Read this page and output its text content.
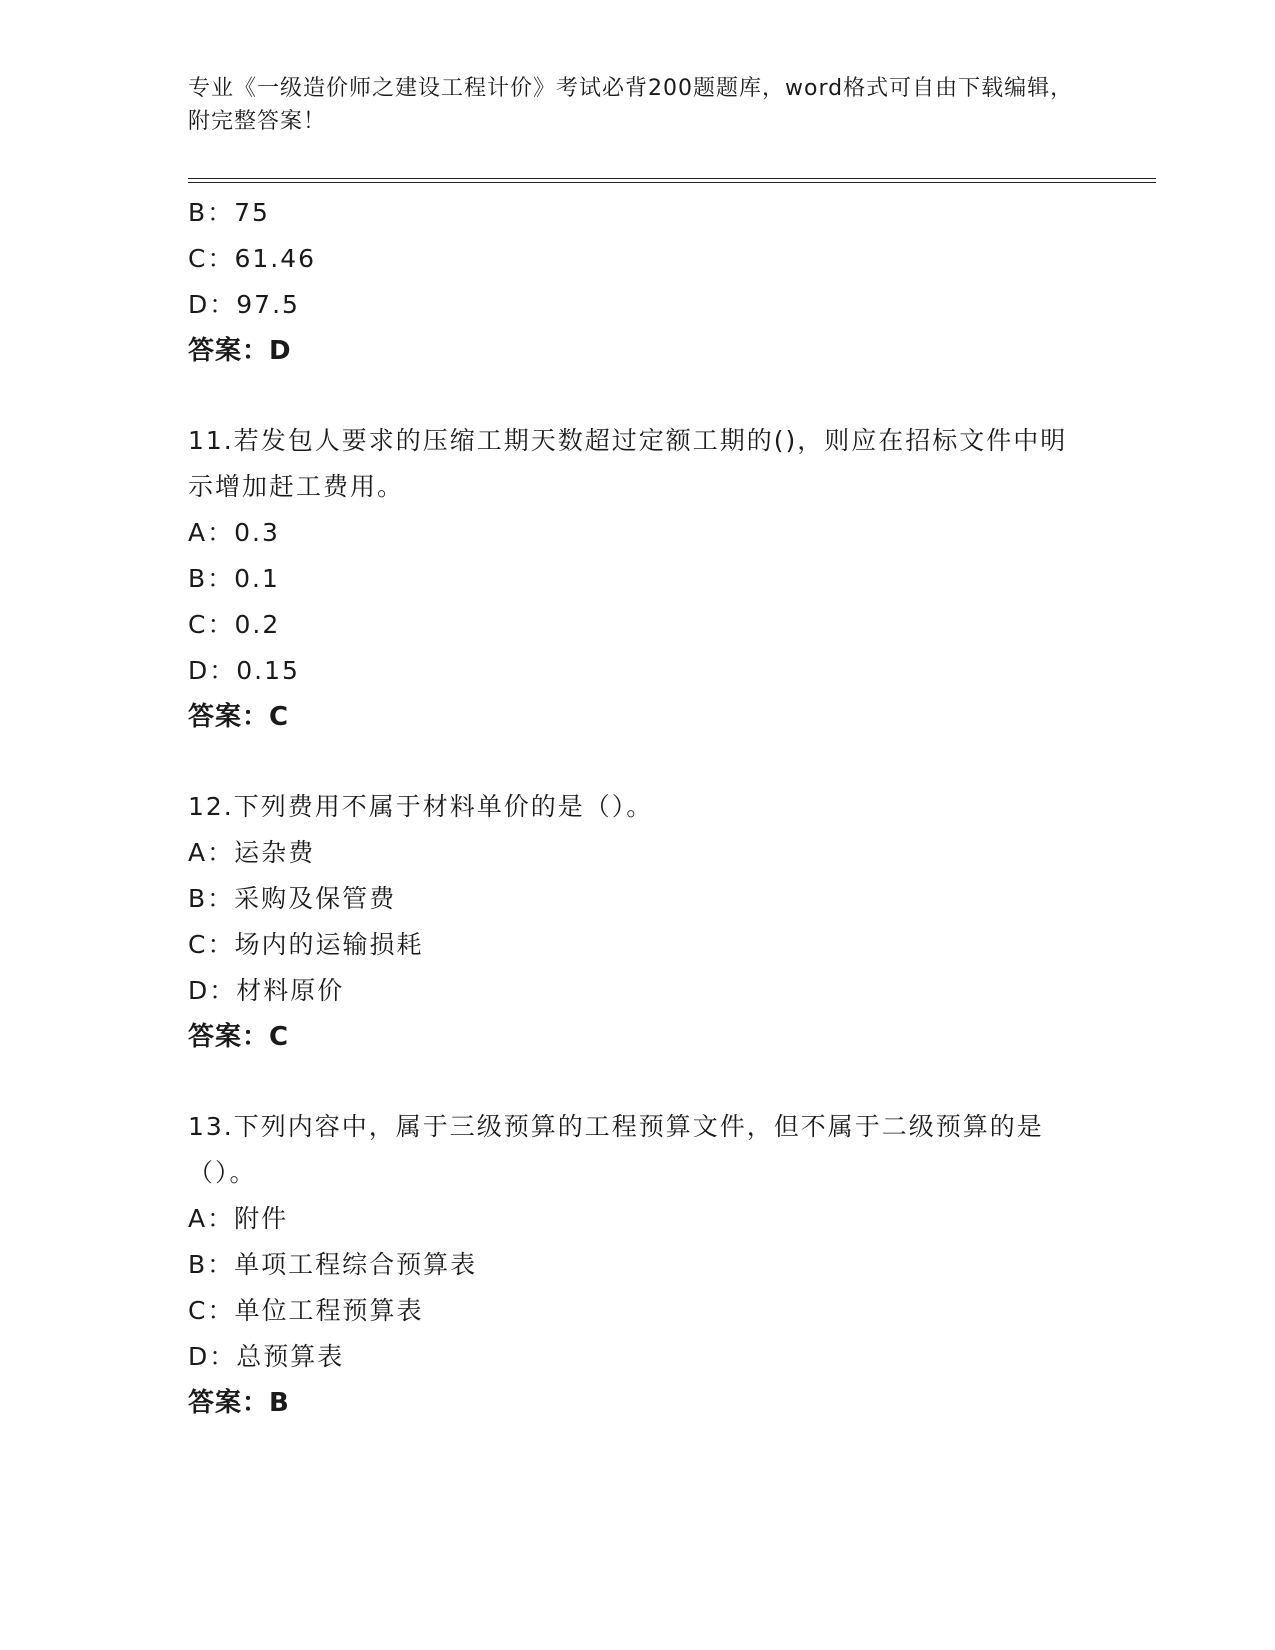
专业《一级造价师之建设工程计价》考试必背200题题库，word格式可自由下载编辑，附完整答案！
B：75
C：61.46
D：97.5
答案：D
11.若发包人要求的压缩工期天数超过定额工期的()，则应在招标文件中明示增加赶工费用。
A：0.3
B：0.1
C：0.2
D：0.15
答案：C
12.下列费用不属于材料单价的是（）。
A：运杂费
B：采购及保管费
C：场内的运输损耗
D：材料原价
答案：C
13.下列内容中，属于三级预算的工程预算文件，但不属于二级预算的是（）。
A：附件
B：单项工程综合预算表
C：单位工程预算表
D：总预算表
答案：B
